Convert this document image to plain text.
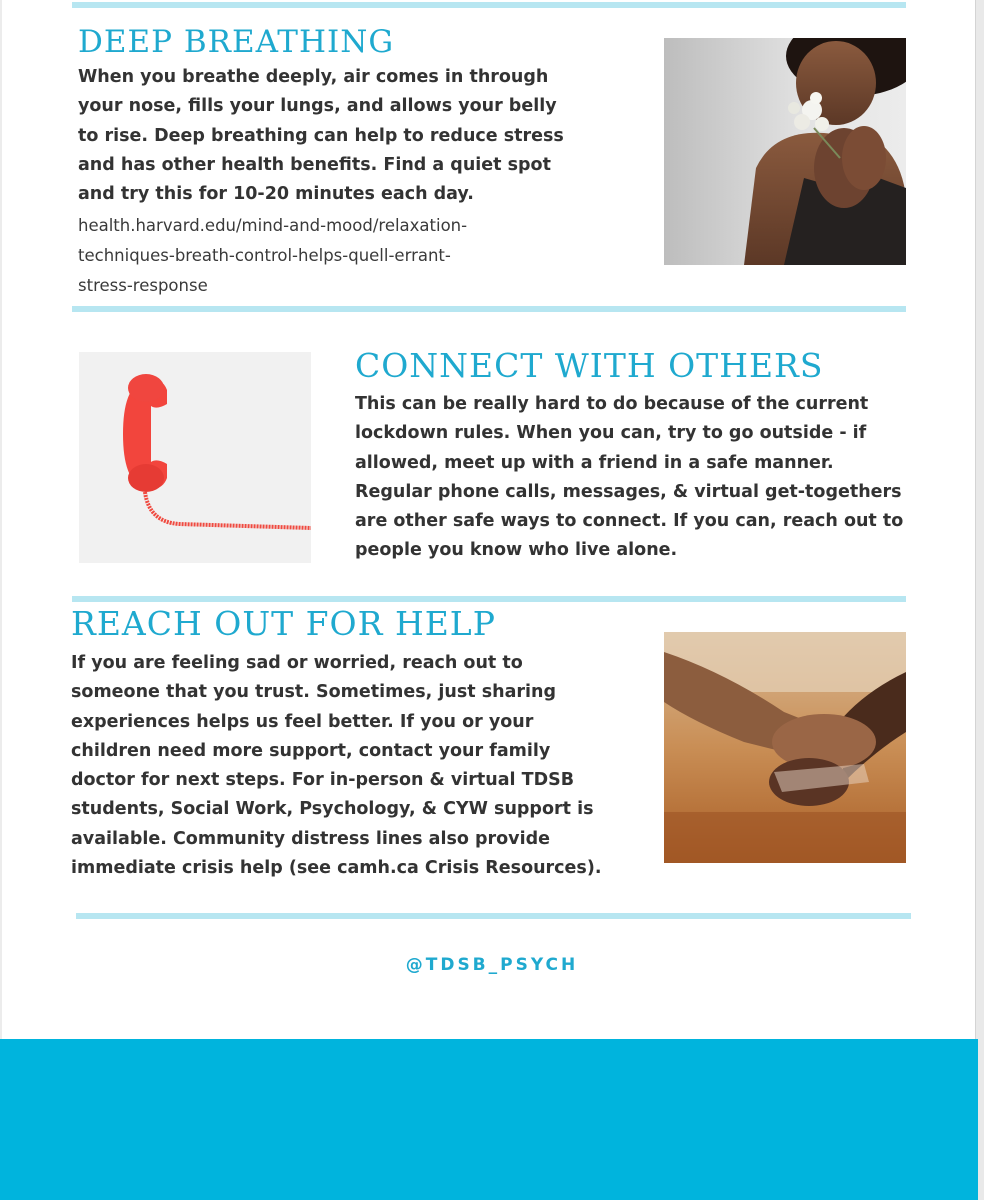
DEEP BREATHING
When you breathe deeply, air comes in through
your nose, fills your lungs, and allows your belly
to rise. Deep breathing can help to reduce stress
and has other health benefits. Find a quiet spot
and try this for 10-20 minutes each day.
health.harvard.edu/mind-and-mood/relaxation-
techniques-breath-control-helps-quell-errant-
stress-response
CONNECT WITH OTHERS
This can be really hard to do because of the current
lockdown rules. When you can, try to go outside - if
allowed, meet up with a friend in a safe manner.
Regular phone calls, messages, & virtual get-togethers
are other safe ways to connect. If you can, reach out to
people you know who live alone.
REACH OUT FOR HELP
If you are feeling sad or worried, reach out to
someone that you trust. Sometimes, just sharing
experiences helps us feel better. If you or your
children need more support, contact your family
doctor for next steps. For in-person & virtual TDSB
students, Social Work, Psychology, & CYW support is
available. Community distress lines also provide
immediate crisis help (see camh.ca Crisis Resources).
@TDSB_PSYCH
